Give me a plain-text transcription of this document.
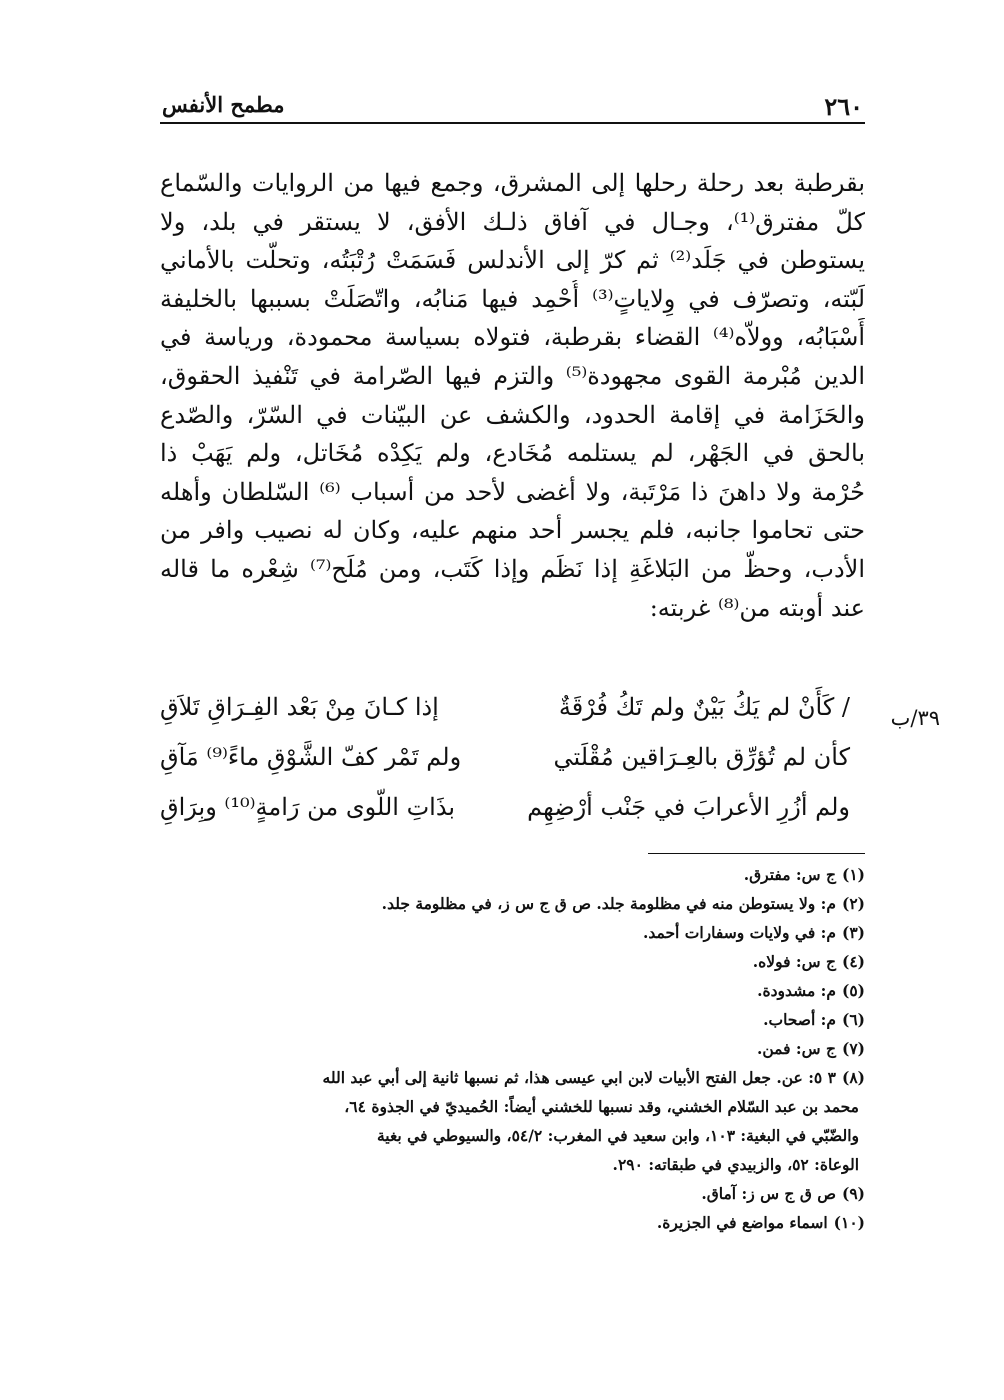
٢٦٠
مطمح الأنفس
بقرطبة بعد رحلة رحلها إلى المشرق، وجمع فيها من الروايات والسّماع
كلّ مفترق⁽¹⁾، وجـال في آفاق ذلـك الأفق، لا يستقر في بلد، ولا
يستوطن في جَلَد⁽²⁾ ثم كرّ إلى الأندلس فَسَمَتْ رُتْبَتُه، وتحلّت بالأماني
لَبّته، وتصرّف في وِلاياتٍ⁽³⁾ أُحْمِد فيها مَنابُه، واتّصَلَتْ بسببها بالخليفة
أَسْبَابُه، وولاّه⁽⁴⁾ القضاء بقرطبة، فتولاه بسياسة محمودة، ورياسة في
الدين مُبْرمة القوى مجهودة⁽⁵⁾ والتزم فيها الصّرامة في تَنْفيذ الحقوق،
والحَزَامة في إقامة الحدود، والكشف عن البيّنات في السّرّ، والصّدع
بالحق في الجَهْر، لم يستلمه مُخَادع، ولم يَكِدْه مُخَاتل، ولم يَهَبْ ذا
حُرْمة ولا داهنَ ذا مَرْتَبة، ولا أغضى لأحد من أسباب ⁽⁶⁾ السّلطان وأهله
حتى تحاموا جانبه، فلم يجسر أحد منهم عليه، وكان له نصيب وافر من
الأدب، وحظّ من البَلاغَةِ إذا نَظَم وإذا كَتَب، ومن مُلَح⁽⁷⁾ شِعْره ما قاله
عند أوبته من⁽⁸⁾ غربته:
٣٩/ب
/ كَأَنْ لم يَكُ بَيْنٌ ولم تَكُ فُرْقَةٌ
إذا كـانَ مِنْ بَعْد الفِـرَاقِ تَلاَقِ
كأن لم تُؤرِّق بالعِـرَاقين مُقْلَتي
ولم تَمْر كفّ الشَّوْقِ ماءً⁽⁹⁾ مَآقِ
ولم أزُرِ الأعرابَ في جَنْب أرْضِهِم
بذَاتِ اللّوى من رَامةٍ⁽¹⁰⁾ وبِرَاقِ
(١)ج س: مفترق.
(٢)م: ولا يستوطن منه في مظلومة جلد. ص ق ج س ز، في مظلومة جلد.
(٣)م: في ولايات وسفارات أحمد.
(٤)ج س: فولاه.
(٥)م: مشدودة.
(٦)م: أصحاب.
(٧)ج س: فمن.
(٨)٣ ٥: عن. جعل الفتح الأبيات لابن ابي عيسى هذا، ثم نسبها ثانية إلى أبي عبد الله
محمد بن عبد السّلام الخشني، وقد نسبها للخشني أيضاً: الحُميديّ في الجذوة ٦٤،
والضّبّي في البغية: ١٠٣، وابن سعيد في المغرب: ٥٤/٢، والسيوطي في بغية
الوعاة: ٥٢، والزبيدي في طبقاته: ٢٩٠.
(٩)ص ق ج س ز: آماق.
(١٠)اسماء مواضع في الجزيرة.
